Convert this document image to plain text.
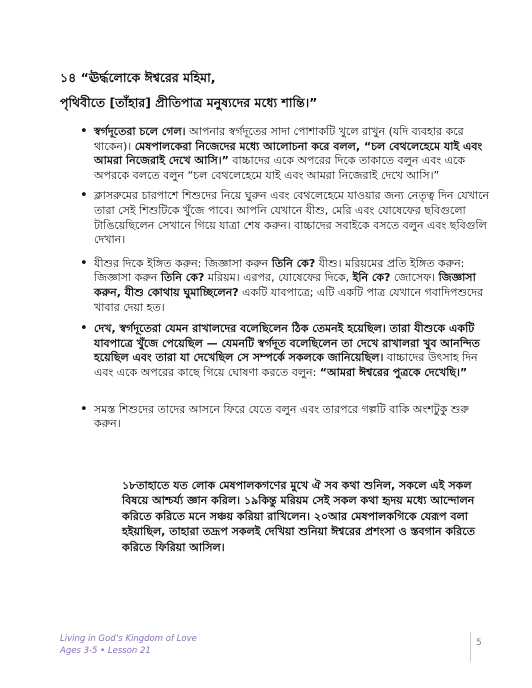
১৪ “ঊর্দ্ধলোকে ঈশ্বরের মহিমা,
পৃথিবীতে [তাঁহার] প্রীতিপাত্র মনুষ্যদের মধ্যে শান্তি।”
• স্বর্গদূতেরা চলে গেল। আপনার স্বর্গদূতের সাদা পোশাকটি খুলে রাখুন (যদি ব্যবহার করে থাকেন)। মেষপালকেরা নিজেদের মধ্যে আলোচনা করে বলল, “চল বেথলেহেমে যাই এবং আমরা নিজেরাই দেখে আসি।” বাচ্চাদের একে অপরের দিকে তাকাতে বলুন এবং একে অপরকে বলতে বলুন “চল বেথলেহেমে যাই এবং আমরা নিজেরাই দেখে আসি।”
• ক্লাসরুমের চারপাশে শিশুদের নিয়ে ঘুরুন এবং বেথলেহেমে যাওয়ার জন্য নেতৃত্ব দিন যেখানে তারা সেই শিশুটিকে খুঁজে পাবে। আপনি যেখানে যীশু, মেরি এবং যোষেফের ছবিগুলো টাঙিয়েছিলেন সেখানে গিয়ে যাত্রা শেষ করুন। বাচ্চাদের সবাইকে বসতে বলুন এবং ছবিগুলি দেখান।
• যীশুর দিকে ইঙ্গিত করুন: জিজ্ঞাসা করুন তিনি কে? যীশু। মরিয়মের প্রতি ইঙ্গিত করুন: জিজ্ঞাসা করুন তিনি কে? মরিয়ম। এরপর, যোষেফের দিকে, ইনি কে? জোসেফ। জিজ্ঞাসা করুন, যীশু কোথায় ঘুমাচ্ছিলেন? একটি যাবপাত্রে; এটি একটি পাত্র যেখানে গবাদিপশুদের খাবার দেয়া হত।
• দেখ, স্বর্গদূতেরা যেমন রাখালদের বলেছিলেন ঠিক তেমনই হয়েছিল। তারা যীশুকে একটি যাবপাত্রে খুঁজে পেয়েছিল — যেমনটি স্বর্গদূত বলেছিলেন তা দেখে রাখালরা খুব আনন্দিত হয়েছিল এবং তারা যা দেখেছিল সে সম্পর্কে সকলকে জানিয়েছিল। বাচ্চাদের উৎসাহ দিন এবং একে অপরের কাছে গিয়ে ঘোষণা করতে বলুন: “আমরা ঈশ্বরের পুত্রকে দেখেছি।”
• সমস্ত শিশুদের তাদের আসনে ফিরে যেতে বলুন এবং তারপরে গল্পটি বাকি অংশটুকু শুরু করুন।
১৮তাহাতে যত লোক মেষপালকগণের মুখে ঐ সব কথা শুনিল, সকলে এই সকল বিষয়ে আশ্চর্য্য জ্ঞান করিল। ১৯কিন্তু মরিয়ম সেই সকল কথা হৃদয় মধ্যে আন্দোলন করিতে করিতে মনে সঞ্চয় করিয়া রাখিলেন। ২০আর মেষপালকগিকে যেরূপ বলা হইয়াছিল, তাহারা তদ্রূপ সকলই দেখিয়া শুনিয়া ঈশ্বরের প্রশংসা ও স্তবগান করিতে করিতে ফিরিয়া আসিল।
Living in God’s Kingdom of Love
Ages 3-5 • Lesson 21
5
